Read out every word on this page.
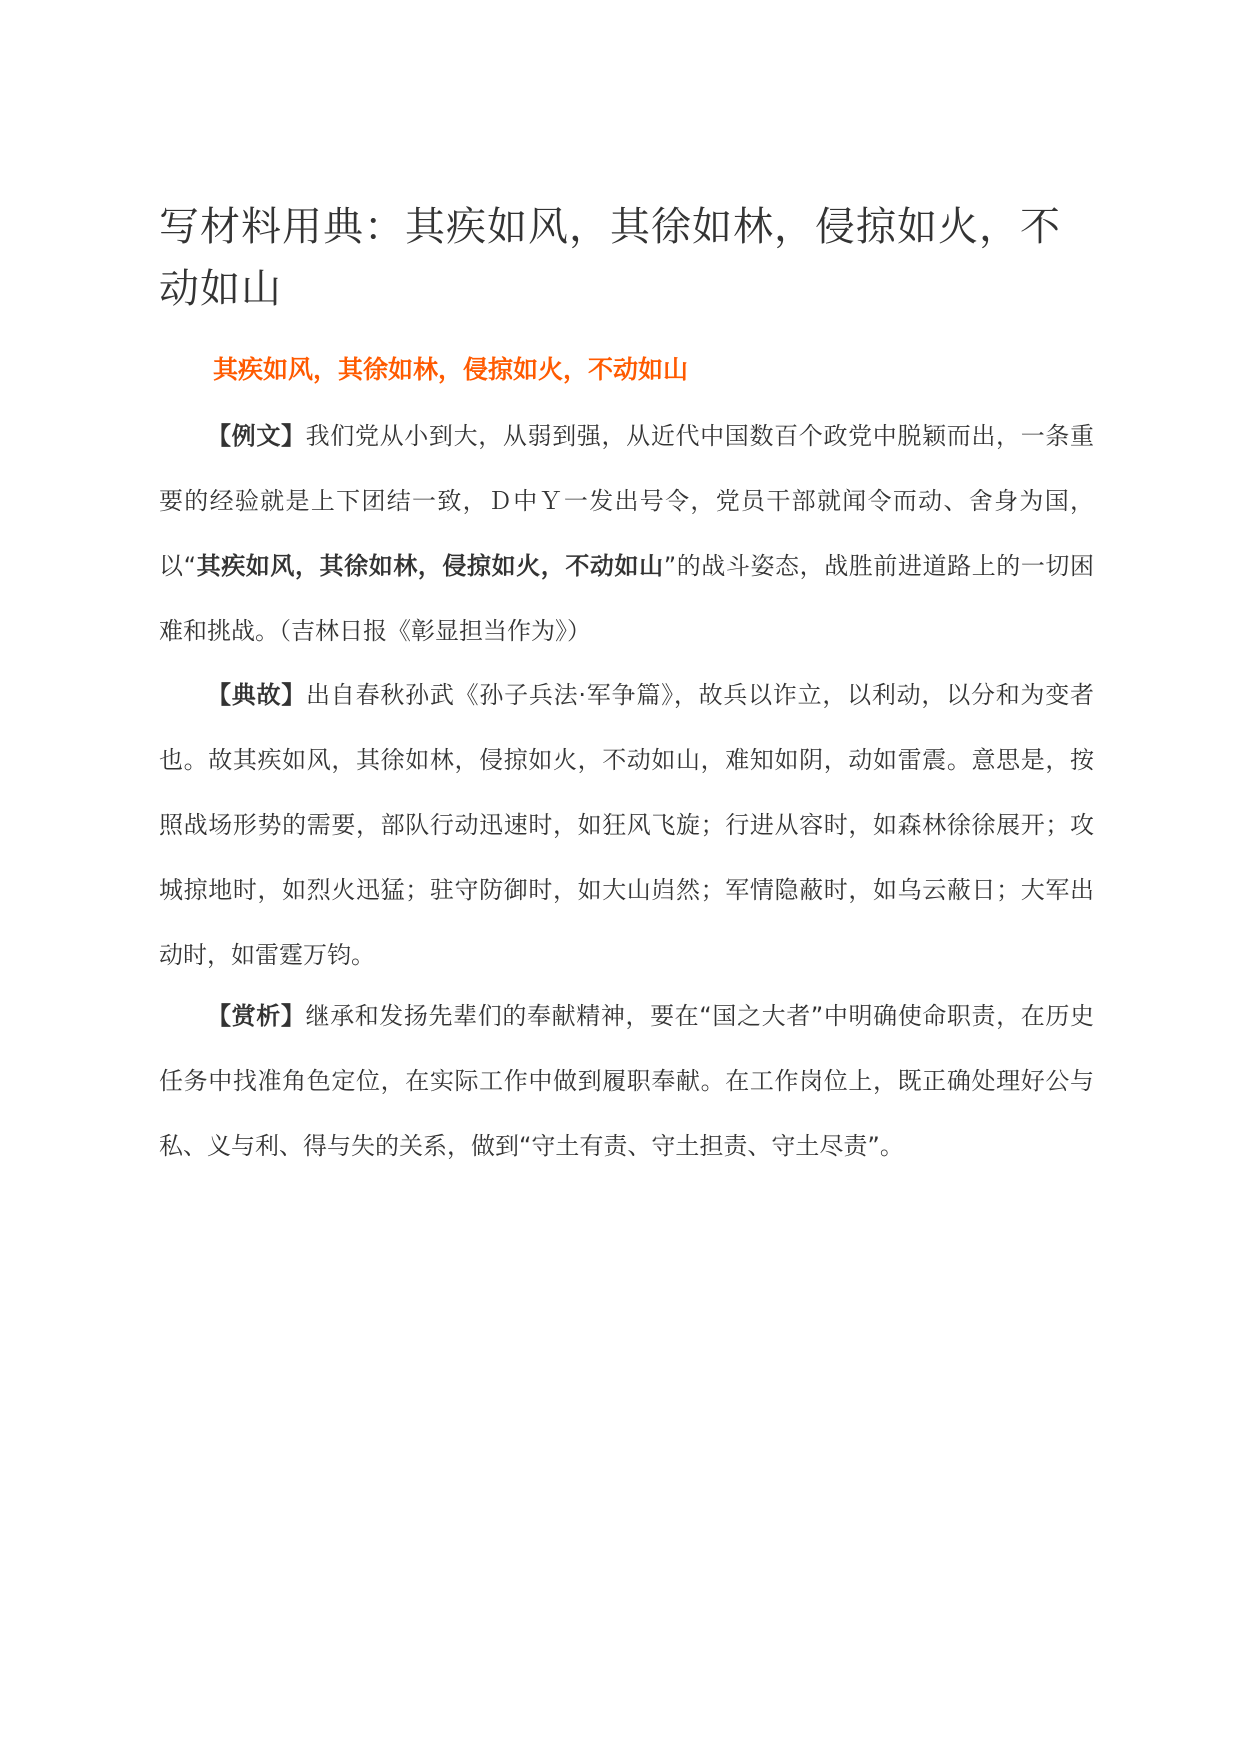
写材料用典：其疾如风，其徐如林，侵掠如火，不动如山

其疾如风，其徐如林，侵掠如火，不动如山

【例文】我们党从小到大，从弱到强，从近代中国数百个政党中脱颖而出，一条重要的经验就是上下团结一致，Ｄ中Ｙ一发出号令，党员干部就闻令而动、舍身为国，以“其疾如风，其徐如林，侵掠如火，不动如山”的战斗姿态，战胜前进道路上的一切困难和挑战。（吉林日报《彰显担当作为》）

【典故】出自春秋孙武《孙子兵法·军争篇》，故兵以诈立，以利动，以分和为变者也。故其疾如风，其徐如林，侵掠如火，不动如山，难知如阴，动如雷震。意思是，按照战场形势的需要，部队行动迅速时，如狂风飞旋；行进从容时，如森林徐徐展开；攻城掠地时，如烈火迅猛；驻守防御时，如大山岿然；军情隐蔽时，如乌云蔽日；大军出动时，如雷霆万钧。

【赏析】继承和发扬先辈们的奉献精神，要在“国之大者”中明确使命职责，在历史任务中找准角色定位，在实际工作中做到履职奉献。在工作岗位上，既正确处理好公与私、义与利、得与失的关系，做到“守土有责、守土担责、守土尽责”。
